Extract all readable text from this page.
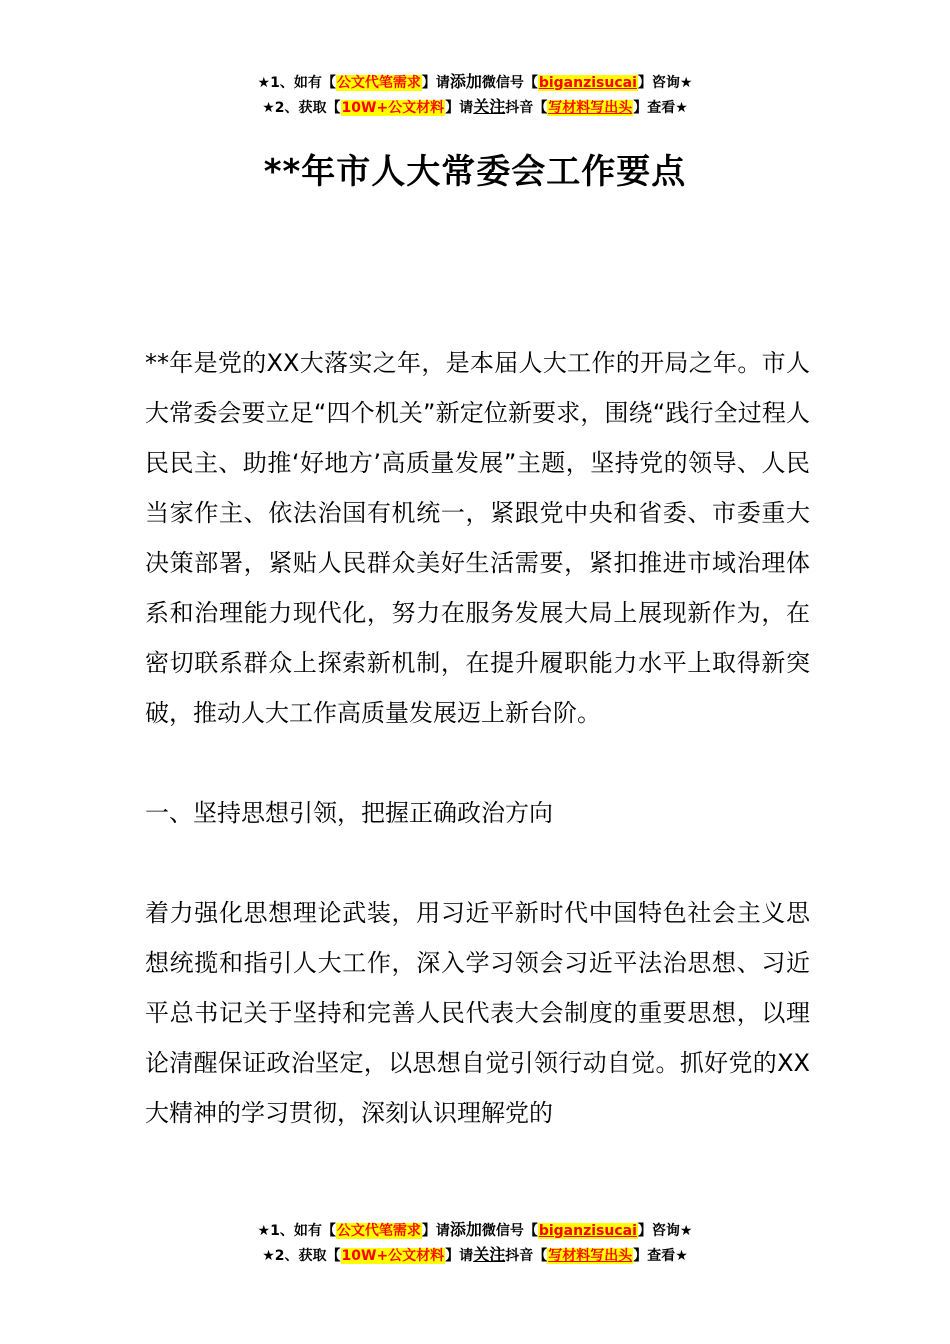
★1、如有【公文代笔需求】请添加微信号【biganzisucai】咨询★
★2、获取【10W+公文材料】请关注抖音【写材料写出头】查看★
**年市人大常委会工作要点

**年是党的XX大落实之年，是本届人大工作的开局之年。市人大常委会要立足“四个机关”新定位新要求，围绕“践行全过程人民民主、助推‘好地方’高质量发展”主题，坚持党的领导、人民当家作主、依法治国有机统一，紧跟党中央和省委、市委重大决策部署，紧贴人民群众美好生活需要，紧扣推进市域治理体系和治理能力现代化，努力在服务发展大局上展现新作为，在密切联系群众上探索新机制，在提升履职能力水平上取得新突破，推动人大工作高质量发展迈上新台阶。

一、坚持思想引领，把握正确政治方向

着力强化思想理论武装，用习近平新时代中国特色社会主义思想统揽和指引人大工作，深入学习领会习近平法治思想、习近平总书记关于坚持和完善人民代表大会制度的重要思想，以理论清醒保证政治坚定，以思想自觉引领行动自觉。抓好党的XX大精神的学习贯彻，深刻认识理解党的

★1、如有【公文代笔需求】请添加微信号【biganzisucai】咨询★
★2、获取【10W+公文材料】请关注抖音【写材料写出头】查看★
